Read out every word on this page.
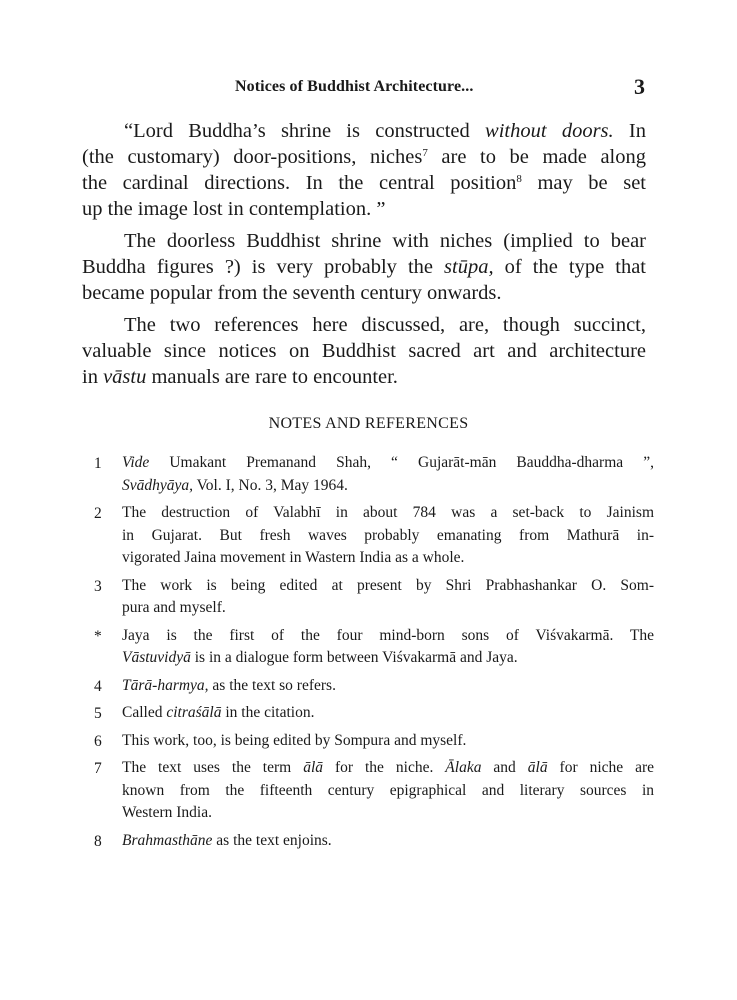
Notices of Buddhist Architecture...	3
“Lord Buddha’s shrine is constructed without doors. In
(the customary) door-positions, niches$^7$ are to be made along
the cardinal directions. In the central position$^8$ may be set
up the image lost in contemplation. ”
The doorless Buddhist shrine with niches (implied to bear
Buddha figures ?) is very probably the stūpa, of the type that
became popular from the seventh century onwards.
The two references here discussed, are, though succinct,
valuable since notices on Buddhist sacred art and architecture
in vāstu manuals are rare to encounter.
NOTES AND REFERENCES
1	Vide Umakant Premanand Shah, “ Gujarāt-mān Bauddha-dharma ”,
Svādhyāya, Vol. I, No. 3, May 1964.
2	The destruction of Valabhī in about 784 was a set-back to Jainism
in Gujarat. But fresh waves probably emanating from Mathurā in-
vigorated Jaina movement in Wastern India as a whole.
3	The work is being edited at present by Shri Prabhashankar O. Som-
pura and myself.
*	Jaya is the first of the four mind-born sons of Viśvakarmā. The
Vāstuvidyā is in a dialogue form between Viśvakarmā and Jaya.
4	Tārā-harmya, as the text so refers.
5	Called citraśālā in the citation.
6	This work, too, is being edited by Sompura and myself.
7	The text uses the term ālā for the niche. Ālaka and ālā for niche are
known from the fifteenth century epigraphical and literary sources in
Western India.
8	Brahmasthāne as the text enjoins.
